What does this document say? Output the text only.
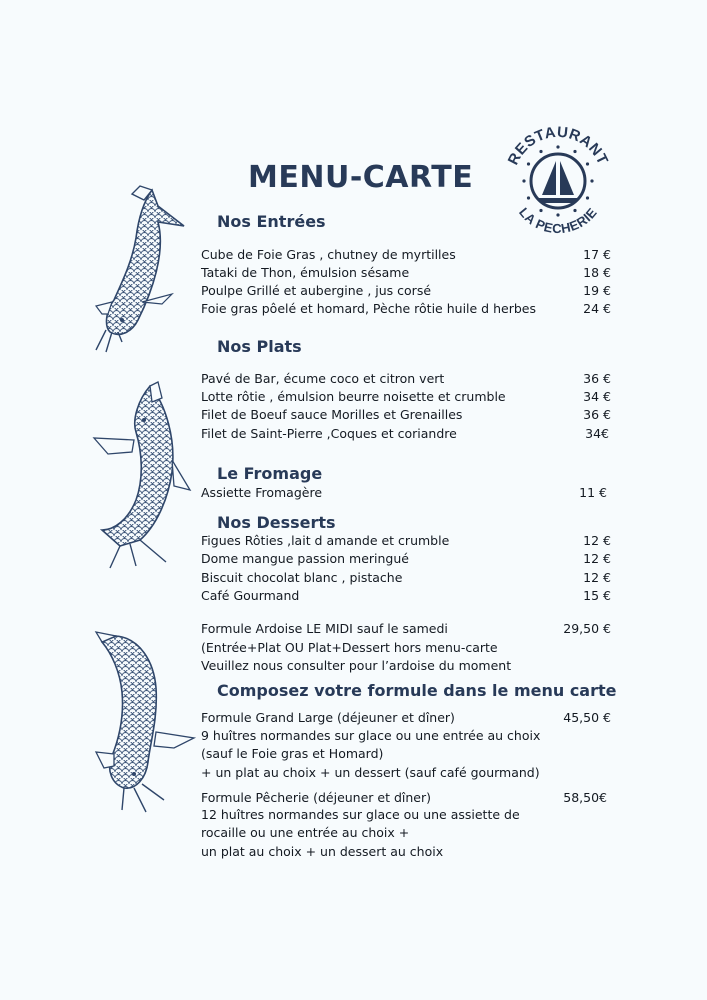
MENU-CARTE
RESTAURANT
LA PECHERIE
Nos Entrées
Cube de Foie Gras , chutney de myrtilles	17 €
Tataki de Thon, émulsion sésame	18 €
Poulpe Grillé et aubergine , jus corsé	19 €
Foie gras pôelé et homard, Pèche rôtie huile d herbes	24 €
Nos Plats
Pavé de Bar, écume coco et citron vert	36 €
Lotte rôtie , émulsion beurre noisette et crumble	34 €
Filet de Boeuf sauce Morilles et Grenailles	36 €
Filet de Saint-Pierre ,Coques et coriandre	34€
Le Fromage
Assiette Fromagère	11 €
Nos Desserts
Figues Rôties ,lait d amande et crumble	12 €
Dome mangue passion meringué	12 €
Biscuit chocolat blanc , pistache	12 €
Café Gourmand	15 €
Formule Ardoise LE MIDI sauf le samedi	29,50 €
(Entrée+Plat OU Plat+Dessert hors menu-carte
Veuillez nous consulter pour l’ardoise du moment
Composez votre formule dans le menu carte
Formule Grand Large (déjeuner et dîner)	45,50 €
9 huîtres normandes sur glace ou une entrée au choix
(sauf le Foie gras et Homard)
+ un plat au choix + un dessert (sauf café gourmand)
Formule Pêcherie (déjeuner et dîner)	58,50€
12 huîtres normandes sur glace ou une assiette de
rocaille ou une entrée au choix +
un plat au choix + un dessert au choix
